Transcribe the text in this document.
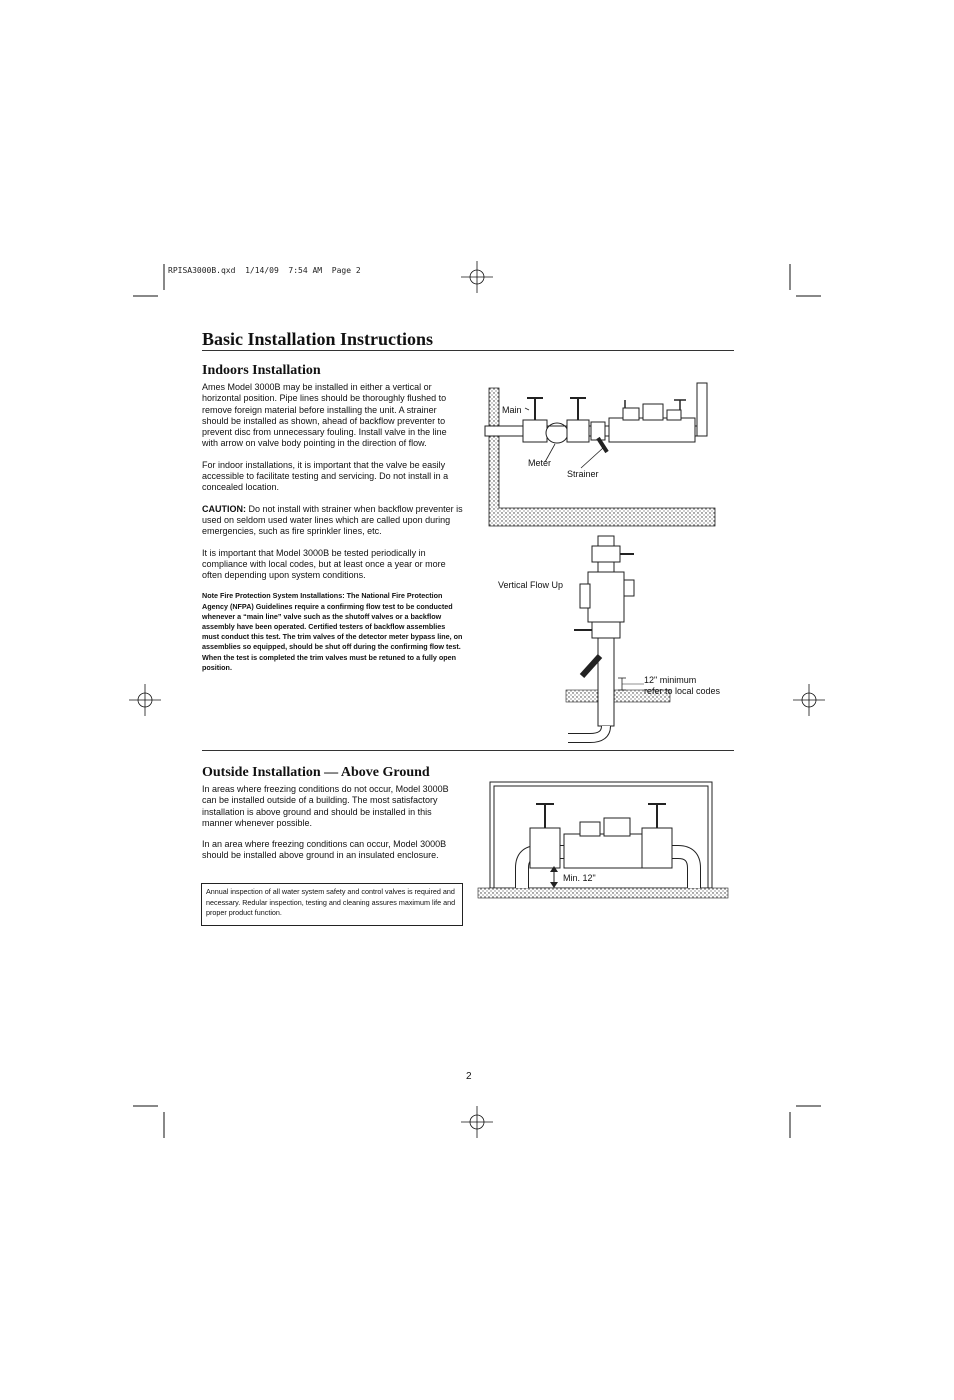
RPISA3000B.qxd  1/14/09  7:54 AM  Page 2
Basic Installation Instructions
Indoors Installation

Ames Model 3000B may be installed in either a vertical or horizontal position. Pipe lines should be thoroughly flushed to remove foreign material before installing the unit. A strainer should be installed as shown, ahead of backflow preventer to prevent disc from unnecessary fouling. Install valve in the line with arrow on valve body pointing in the direction of flow.

For indoor installations, it is important that the valve be easily accessible to facilitate testing and servicing. Do not install in a concealed location.

CAUTION: Do not install with strainer when backflow preventer is used on seldom used water lines which are called upon during emergencies, such as fire sprinkler lines, etc.

It is important that Model 3000B be tested periodically in compliance with local codes, but at least once a year or more often depending upon system conditions.

Note Fire Protection System Installations: The National Fire Protection Agency (NFPA) Guidelines require a confirming flow test to be conducted whenever a “main line” valve such as the shutoff valves or a backflow assembly have been operated. Certified testers of backflow assemblies must conduct this test. The trim valves of the detector meter bypass line, on assemblies so equipped, should be shut off during the confirming flow test. When the test is completed the trim valves must be retuned to a fully open position.
Main
Meter
Strainer
Vertical Flow Up
12" minimum
refer to local codes
Outside Installation — Above Ground

In areas where freezing conditions do not occur, Model 3000B can be installed outside of a building. The most satisfactory installation is above ground and should be installed in this manner whenever possible.

In an area where freezing conditions can occur, Model 3000B should be installed above ground in an insulated enclosure.

Annual inspection of all water system safety and control valves is required and necessary. Redular inspection, testing and cleaning assures maximum life and proper product function.
Min. 12"
2
